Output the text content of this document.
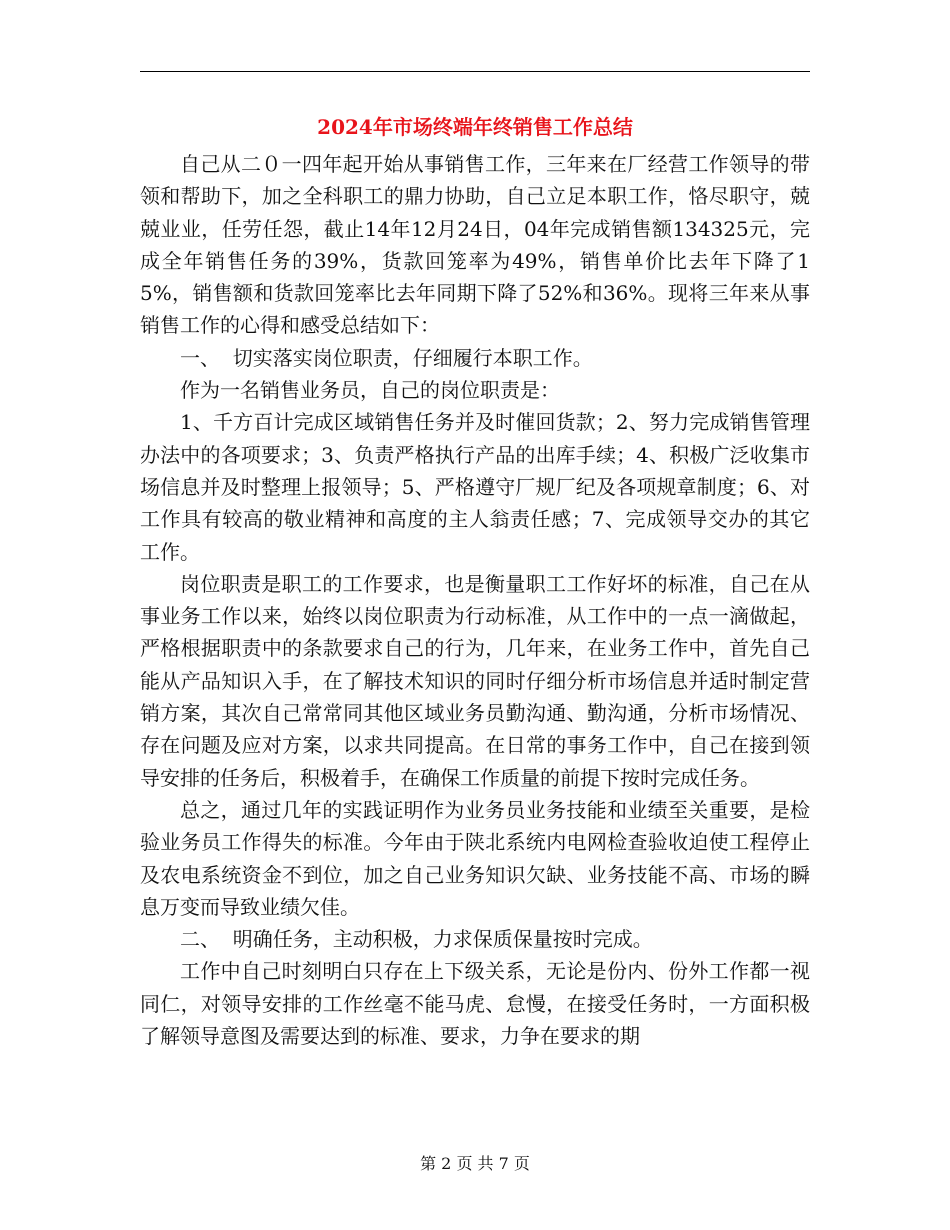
2024年市场终端年终销售工作总结

自己从二０一四年起开始从事销售工作，三年来在厂经营工作领导的带领和帮助下，加之全科职工的鼎力协助，自己立足本职工作，恪尽职守，兢兢业业，任劳任怨，截止14年12月24日，04年完成销售额134325元，完成全年销售任务的39%，货款回笼率为49%，销售单价比去年下降了15%，销售额和货款回笼率比去年同期下降了52%和36%。现将三年来从事销售工作的心得和感受总结如下：

一、  切实落实岗位职责，仔细履行本职工作。

作为一名销售业务员，自己的岗位职责是：

1、千方百计完成区域销售任务并及时催回货款；2、努力完成销售管理办法中的各项要求；3、负责严格执行产品的出库手续；4、积极广泛收集市场信息并及时整理上报领导；5、严格遵守厂规厂纪及各项规章制度；6、对工作具有较高的敬业精神和高度的主人翁责任感；7、完成领导交办的其它工作。

岗位职责是职工的工作要求，也是衡量职工工作好坏的标准，自己在从事业务工作以来，始终以岗位职责为行动标准，从工作中的一点一滴做起，严格根据职责中的条款要求自己的行为，几年来，在业务工作中，首先自己能从产品知识入手，在了解技术知识的同时仔细分析市场信息并适时制定营销方案，其次自己常常同其他区域业务员勤沟通、勤沟通，分析市场情况、存在问题及应对方案，以求共同提高。在日常的事务工作中，自己在接到领导安排的任务后，积极着手，在确保工作质量的前提下按时完成任务。

总之，通过几年的实践证明作为业务员业务技能和业绩至关重要，是检验业务员工作得失的标准。今年由于陕北系统内电网检查验收迫使工程停止及农电系统资金不到位，加之自己业务知识欠缺、业务技能不高、市场的瞬息万变而导致业绩欠佳。

二、  明确任务，主动积极，力求保质保量按时完成。

工作中自己时刻明白只存在上下级关系，无论是份内、份外工作都一视同仁，对领导安排的工作丝毫不能马虎、怠慢，在接受任务时，一方面积极了解领导意图及需要达到的标准、要求，力争在要求的期

第 2 页 共 7 页
